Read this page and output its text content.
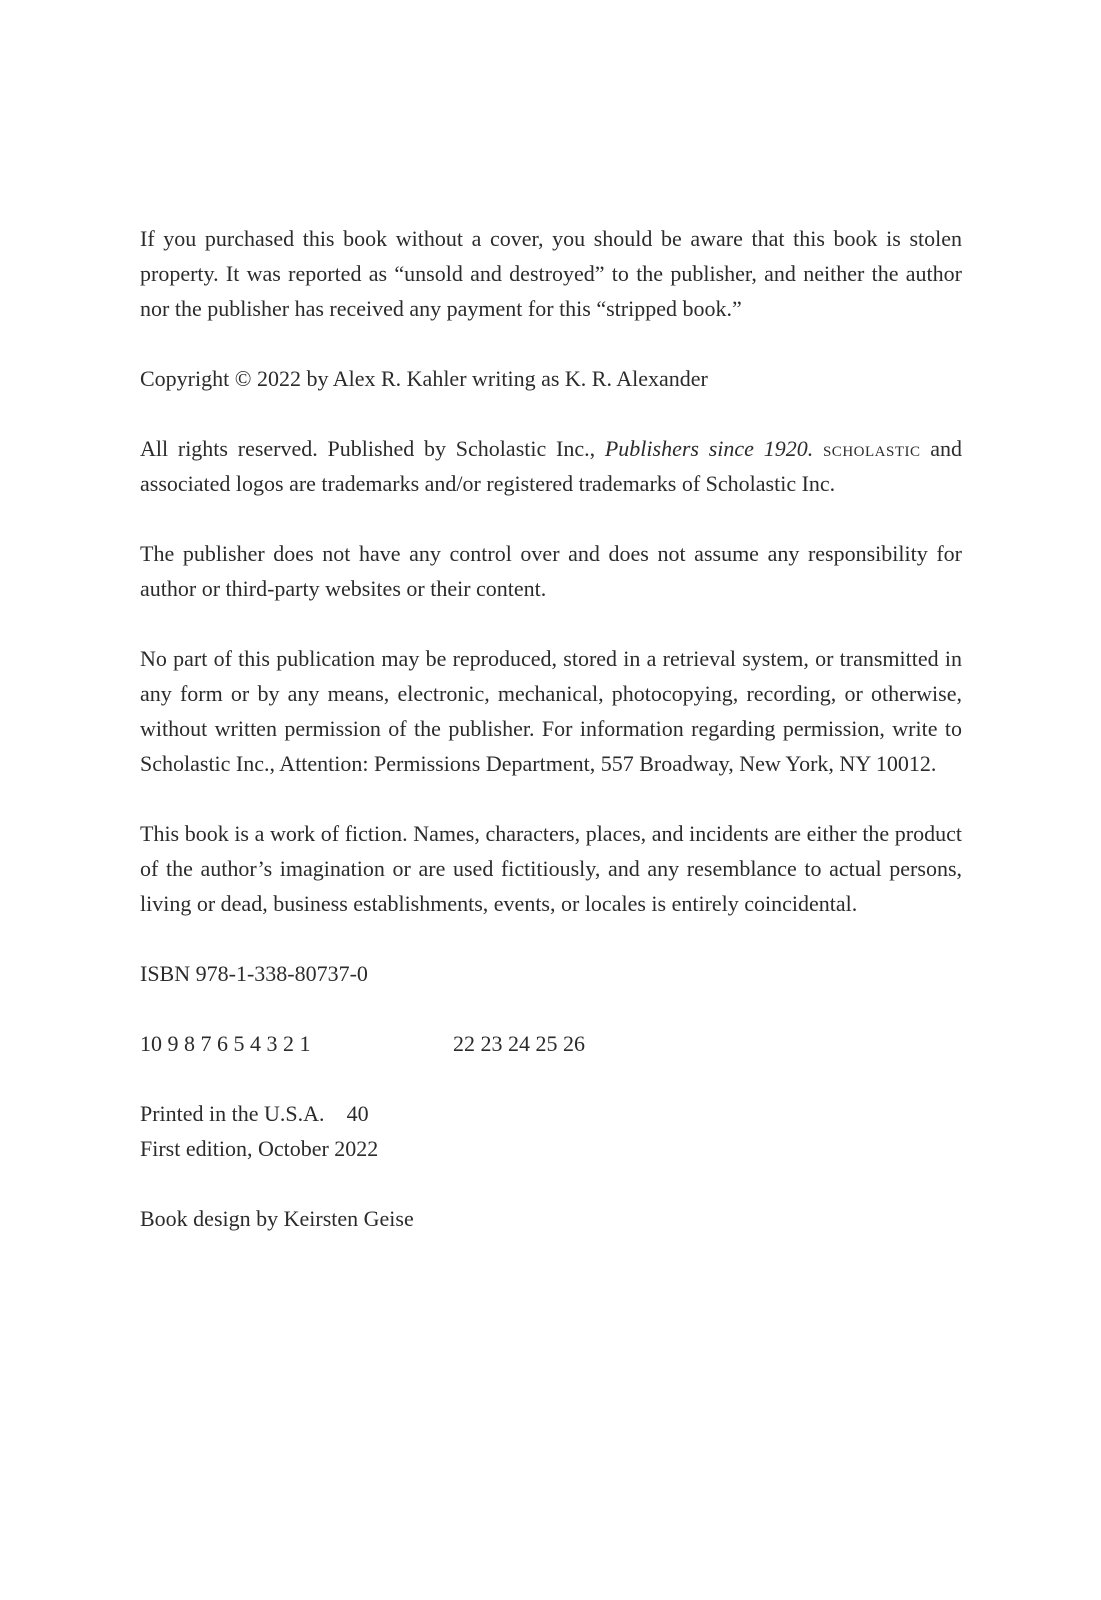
If you purchased this book without a cover, you should be aware that this book is stolen property. It was reported as “unsold and destroyed” to the publisher, and neither the author nor the publisher has received any payment for this “stripped book.”

Copyright © 2022 by Alex R. Kahler writing as K. R. Alexander

All rights reserved. Published by Scholastic Inc., Publishers since 1920. scholastic and associated logos are trademarks and/or registered trademarks of Scholastic Inc.

The publisher does not have any control over and does not assume any responsibility for author or third-party websites or their content.

No part of this publication may be reproduced, stored in a retrieval system, or transmitted in any form or by any means, electronic, mechanical, photocopying, recording, or otherwise, without written permission of the publisher. For information regarding permission, write to Scholastic Inc., Attention: Permissions Department, 557 Broadway, New York, NY 10012.

This book is a work of fiction. Names, characters, places, and incidents are either the product of the author’s imagination or are used fictitiously, and any resemblance to actual persons, living or dead, business establishments, events, or locales is entirely coincidental.

ISBN 978-1-338-80737-0

10 9 8 7 6 5 4 3 2 1	22 23 24 25 26
Printed in the U.S.A. 40
First edition, October 2022

Book design by Keirsten Geise
